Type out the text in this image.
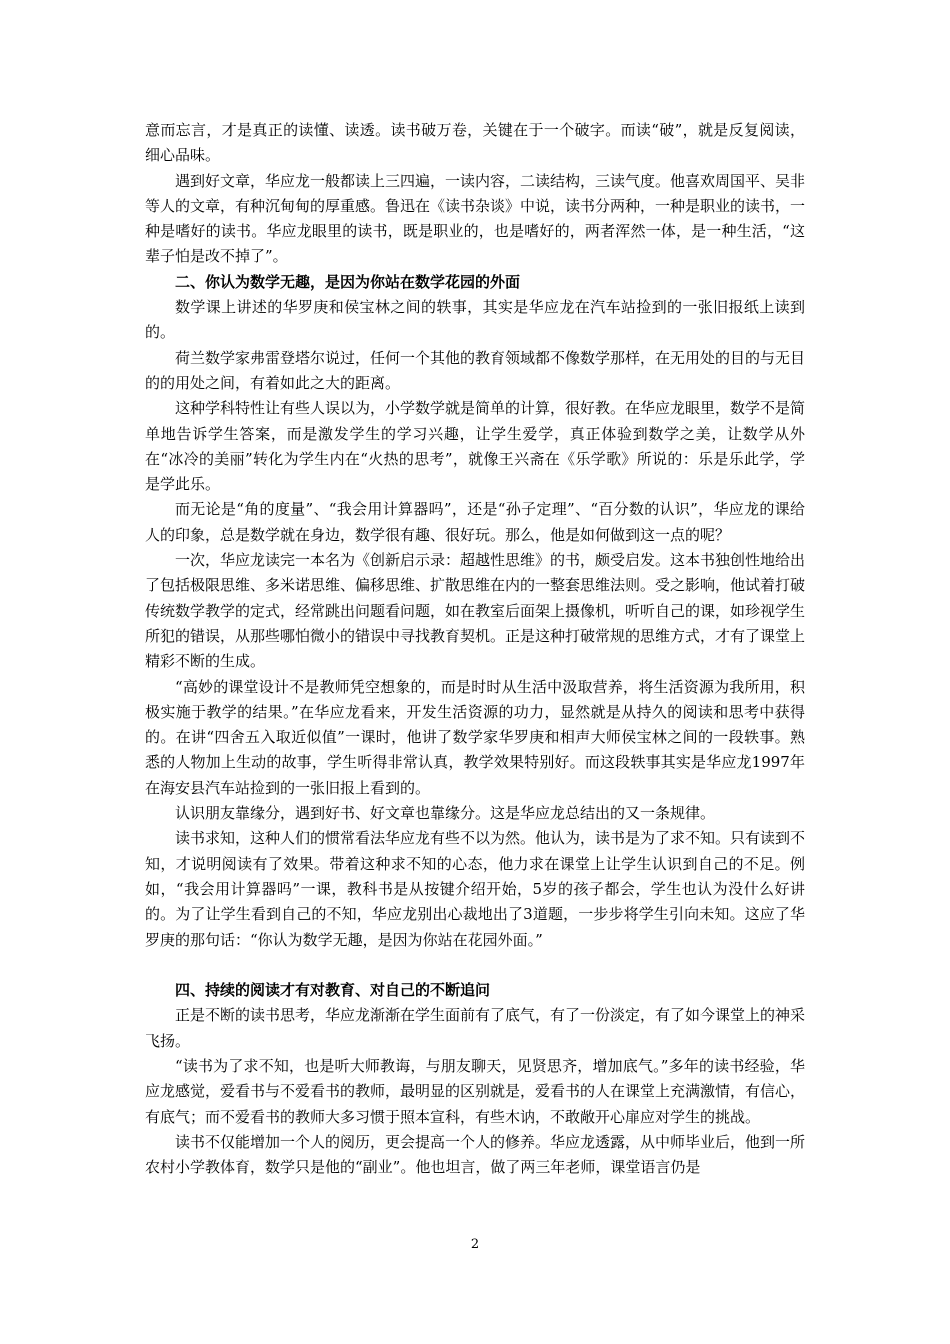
意而忘言，才是真正的读懂、读透。读书破万卷，关键在于一个破字。而读“破”，就是反复阅读，细心品味。

遇到好文章，华应龙一般都读上三四遍，一读内容，二读结构，三读气度。他喜欢周国平、吴非等人的文章，有种沉甸甸的厚重感。鲁迅在《读书杂谈》中说，读书分两种，一种是职业的读书，一种是嗜好的读书。华应龙眼里的读书，既是职业的，也是嗜好的，两者浑然一体，是一种生活，“这辈子怕是改不掉了”。

二、你认为数学无趣，是因为你站在数学花园的外面

数学课上讲述的华罗庚和侯宝林之间的轶事，其实是华应龙在汽车站捡到的一张旧报纸上读到的。

荷兰数学家弗雷登塔尔说过，任何一个其他的教育领域都不像数学那样，在无用处的目的与无目的的用处之间，有着如此之大的距离。

这种学科特性让有些人误以为，小学数学就是简单的计算，很好教。在华应龙眼里，数学不是简单地告诉学生答案，而是激发学生的学习兴趣，让学生爱学，真正体验到数学之美，让数学从外在“冰冷的美丽”转化为学生内在“火热的思考”，就像王兴斋在《乐学歌》所说的：乐是乐此学，学是学此乐。

而无论是“角的度量”、“我会用计算器吗”，还是“孙子定理”、“百分数的认识”，华应龙的课给人的印象，总是数学就在身边，数学很有趣、很好玩。那么，他是如何做到这一点的呢？

一次，华应龙读完一本名为《创新启示录：超越性思维》的书，颇受启发。这本书独创性地给出了包括极限思维、多米诺思维、偏移思维、扩散思维在内的一整套思维法则。受之影响，他试着打破传统数学教学的定式，经常跳出问题看问题，如在教室后面架上摄像机，听听自己的课，如珍视学生所犯的错误，从那些哪怕微小的错误中寻找教育契机。正是这种打破常规的思维方式，才有了课堂上精彩不断的生成。

“高妙的课堂设计不是教师凭空想象的，而是时时从生活中汲取营养，将生活资源为我所用，积极实施于教学的结果。”在华应龙看来，开发生活资源的功力，显然就是从持久的阅读和思考中获得的。在讲“四舍五入取近似值”一课时，他讲了数学家华罗庚和相声大师侯宝林之间的一段轶事。熟悉的人物加上生动的故事，学生听得非常认真，教学效果特别好。而这段轶事其实是华应龙1997年在海安县汽车站捡到的一张旧报上看到的。

认识朋友靠缘分，遇到好书、好文章也靠缘分。这是华应龙总结出的又一条规律。

读书求知，这种人们的惯常看法华应龙有些不以为然。他认为，读书是为了求不知。只有读到不知，才说明阅读有了效果。带着这种求不知的心态，他力求在课堂上让学生认识到自己的不足。例如，“我会用计算器吗”一课，教科书是从按键介绍开始，5岁的孩子都会，学生也认为没什么好讲的。为了让学生看到自己的不知，华应龙别出心裁地出了3道题，一步步将学生引向未知。这应了华罗庚的那句话：“你认为数学无趣，是因为你站在花园外面。”

四、持续的阅读才有对教育、对自己的不断追问

正是不断的读书思考，华应龙渐渐在学生面前有了底气，有了一份淡定，有了如今课堂上的神采飞扬。

“读书为了求不知，也是听大师教诲，与朋友聊天，见贤思齐，增加底气。”多年的读书经验，华应龙感觉，爱看书与不爱看书的教师，最明显的区别就是，爱看书的人在课堂上充满激情，有信心，有底气；而不爱看书的教师大多习惯于照本宣科，有些木讷，不敢敞开心扉应对学生的挑战。

读书不仅能增加一个人的阅历，更会提高一个人的修养。华应龙透露，从中师毕业后，他到一所农村小学教体育，数学只是他的“副业”。他也坦言，做了两三年老师，课堂语言仍是

2
